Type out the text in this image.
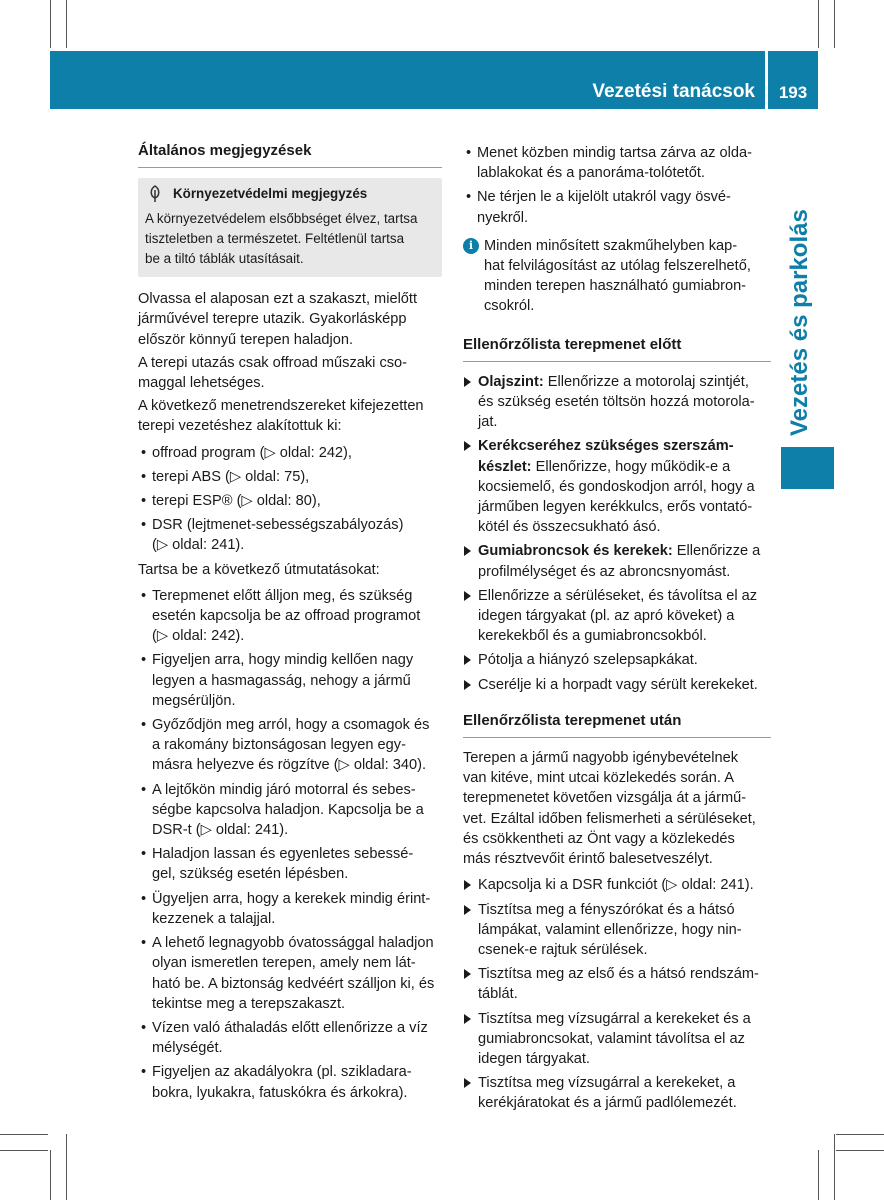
Vezetési tanácsok	193
Vezetés és parkolás
Általános megjegyzések
Környezetvédelmi megjegyzés
A környezetvédelem elsőbbséget élvez, tartsa
tiszteletben a természetet. Feltétlenül tartsa
be a tiltó táblák utasításait.

Olvassa el alaposan ezt a szakaszt, mielőtt
járművével terepre utazik. Gyakorlásképp
először könnyű terepen haladjon.

A terepi utazás csak offroad műszaki cso-
maggal lehetséges.

A következő menetrendszereket kifejezetten
terepi vezetéshez alakítottuk ki:

• offroad program (▷ oldal: 242),
• terepi ABS (▷ oldal: 75),
• terepi ESP® (▷ oldal: 80),
• DSR (lejtmenet-sebességszabályozás)
(▷ oldal: 241).

Tartsa be a következő útmutatásokat:

• Terepmenet előtt álljon meg, és szükség
esetén kapcsolja be az offroad programot
(▷ oldal: 242).
• Figyeljen arra, hogy mindig kellően nagy
legyen a hasmagasság, nehogy a jármű
megsérüljön.
• Győződjön meg arról, hogy a csomagok és
a rakomány biztonságosan legyen egy-
másra helyezve és rögzítve (▷ oldal: 340).
• A lejtőkön mindig járó motorral és sebes-
ségbe kapcsolva haladjon. Kapcsolja be a
DSR-t (▷ oldal: 241).
• Haladjon lassan és egyenletes sebessé-
gel, szükség esetén lépésben.
• Ügyeljen arra, hogy a kerekek mindig érint-
kezzenek a talajjal.
• A lehető legnagyobb óvatossággal haladjon
olyan ismeretlen terepen, amely nem lát-
ható be. A biztonság kedvéért szálljon ki, és
tekintse meg a terepszakaszt.
• Vízen való áthaladás előtt ellenőrizze a víz
mélységét.
• Figyeljen az akadályokra (pl. szikladara-
bokra, lyukakra, fatuskókra és árkokra).
• Menet közben mindig tartsa zárva az olda-
lablakokat és a panoráma-tolótetőt.
• Ne térjen le a kijelölt utakról vagy ösvé-
nyekről.
i Minden minősített szakműhelyben kap-
hat felvilágosítást az utólag felszerelhető,
minden terepen használható gumiabron-
csokról.
Ellenőrzőlista terepmenet előtt
Olajszint: Ellenőrizze a motorolaj szintjét,
és szükség esetén töltsön hozzá motorola-
jat.
Kerékcseréhez szükséges szerszám-
készlet: Ellenőrizze, hogy működik-e a
kocsiemelő, és gondoskodjon arról, hogy a
járműben legyen kerékkulcs, erős vontató-
kötél és összecsukható ásó.
Gumiabroncsok és kerekek: Ellenőrizze a
profilmélységet és az abroncsnyomást.
Ellenőrizze a sérüléseket, és távolítsa el az
idegen tárgyakat (pl. az apró köveket) a
kerekekből és a gumiabroncsokból.
Pótolja a hiányzó szelepsapkákat.
Cserélje ki a horpadt vagy sérült kerekeket.
Ellenőrzőlista terepmenet után

Terepen a jármű nagyobb igénybevételnek
van kitéve, mint utcai közlekedés során. A
terepmenetet követően vizsgálja át a jármű-
vet. Ezáltal időben felismerheti a sérüléseket,
és csökkentheti az Önt vagy a közlekedés
más résztvevőit érintő balesetveszélyt.

Kapcsolja ki a DSR funkciót (▷ oldal: 241).
Tisztítsa meg a fényszórókat és a hátsó
lámpákat, valamint ellenőrizze, hogy nin-
csenek-e rajtuk sérülések.
Tisztítsa meg az első és a hátsó rendszám-
táblát.
Tisztítsa meg vízsugárral a kerekeket és a
gumiabroncsokat, valamint távolítsa el az
idegen tárgyakat.
Tisztítsa meg vízsugárral a kerekeket, a
kerékjáratokat és a jármű padlólemezét.
